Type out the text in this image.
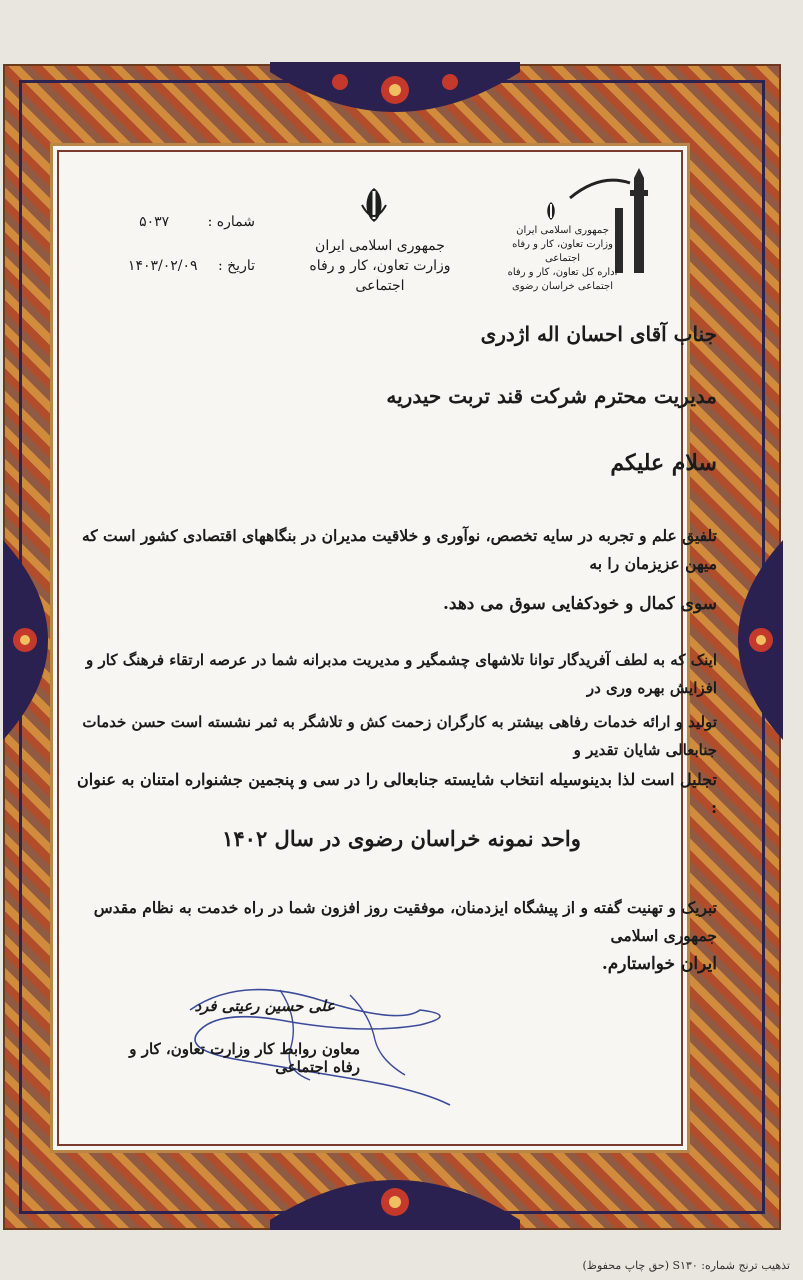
جمهوری اسلامی ایران
وزارت تعاون، کار و رفاه اجتماعی
اداره کل تعاون، کار و رفاه اجتماعی خراسان رضوی
جمهوری اسلامی ایران
وزارت تعاون، کار و رفاه اجتماعی
شماره : ۵۰۳۷
تاریخ : ۱۴۰۳/۰۲/۰۹
جناب آقای احسان اله اژدری
مدیریت محترم شرکت قند تربت حیدریه
سلام علیکم
تلفیق علم و تجربه در سایه تخصص، نوآوری و خلاقیت مدیران در بنگاههای اقتصادی کشور است که میهن عزیزمان را به
سوی کمال و خودکفایی سوق می دهد.
اینک که به لطف آفریدگار توانا تلاشهای چشمگیر و مدیریت مدبرانه شما در عرصه ارتقاء فرهنگ کار و افزایش بهره وری در
تولید و ارائه خدمات رفاهی بیشتر به کارگران زحمت کش و تلاشگر به ثمر نشسته است حسن خدمات جنابعالی شایان تقدیر و
تجلیل است لذا بدینوسیله انتخاب شایسته جنابعالی را در سی و پنجمین جشنواره امتنان به عنوان :
واحد نمونه خراسان رضوی در سال ۱۴۰۲
تبریک و تهنیت گفته و از پیشگاه ایزدمنان، موفقیت روز افزون شما در راه خدمت به نظام مقدس جمهوری اسلامی
ایران خواستارم.
علی حسین رعیتی فرد
معاون روابط کار وزارت تعاون، کار و رفاه اجتماعی
تذهیب ترنج شماره: S۱۳۰ (حق چاپ محفوظ)
